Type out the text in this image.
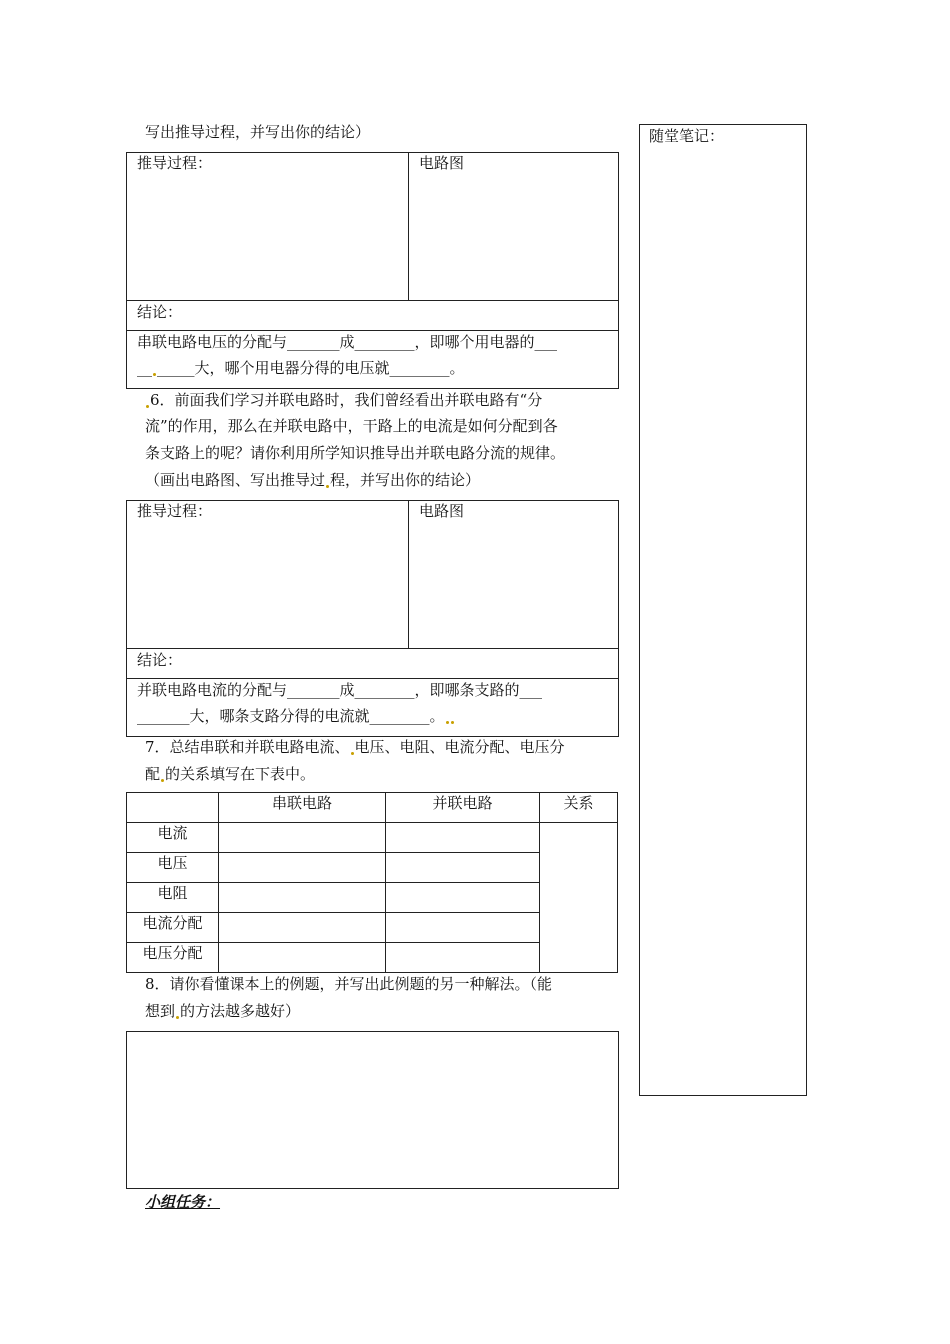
写出推导过程，并写出你的结论）	随堂笔记：
推导过程：	电路图
结论：
串联电路电压的分配与_______成________，即哪个用电器的___
__ _____大，哪个用电器分得的电压就________。
6．前面我们学习并联电路时，我们曾经看出并联电路有“分
流”的作用，那么在并联电路中，干路上的电流是如何分配到各
条支路上的呢？请你利用所学知识推导出并联电路分流的规律。
（画出电路图、写出推导过 程，并写出你的结论）
推导过程：	电路图
结论：
并联电路电流的分配与_______成________，即哪条支路的___
_______大，哪条支路分得的电流就________。
7．总结串联和并联电路电流、 电压、电阻、电流分配、电压分
配 的关系填写在下表中。
	串联电路	并联电路	关系
电流			
电压			
电阻			
电流分配			
电压分配			
8．请你看懂课本上的例题，并写出此例题的另一种解法。（能
想到 的方法越多越好）
小组任务：
